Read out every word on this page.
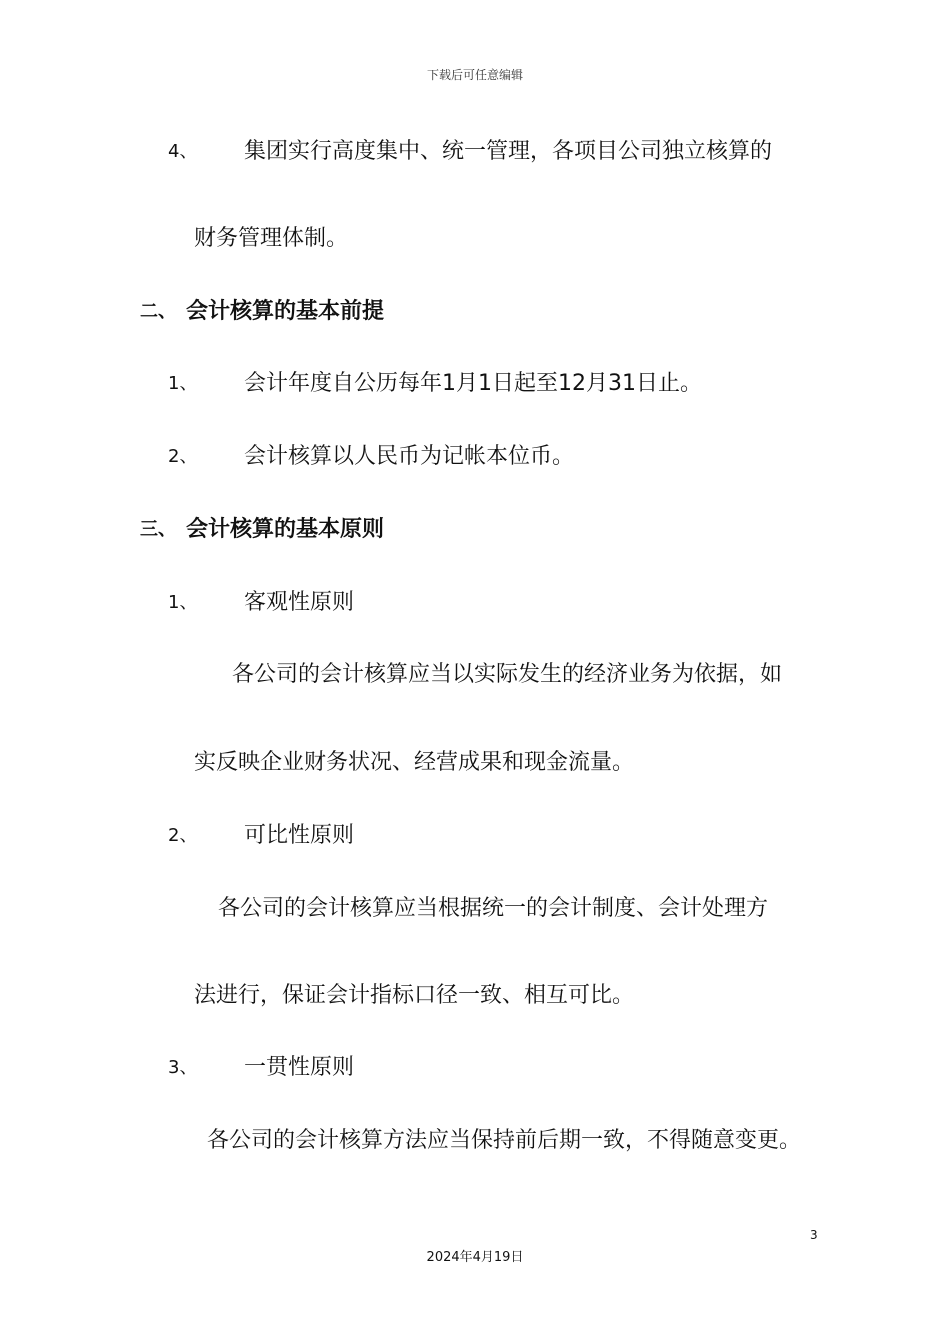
下载后可任意编辑
4、 集团实行高度集中、统一管理，各项目公司独立核算的
财务管理体制。
二、 会计核算的基本前提
1、 会计年度自公历每年1月1日起至12月31日止。
2、 会计核算以人民币为记帐本位币。
三、 会计核算的基本原则
1、 客观性原则
各公司的会计核算应当以实际发生的经济业务为依据，如
实反映企业财务状况、经营成果和现金流量。
2、 可比性原则
各公司的会计核算应当根据统一的会计制度、会计处理方
法进行，保证会计指标口径一致、相互可比。
3、 一贯性原则
各公司的会计核算方法应当保持前后期一致，不得随意变更。
3
2024年4月19日
